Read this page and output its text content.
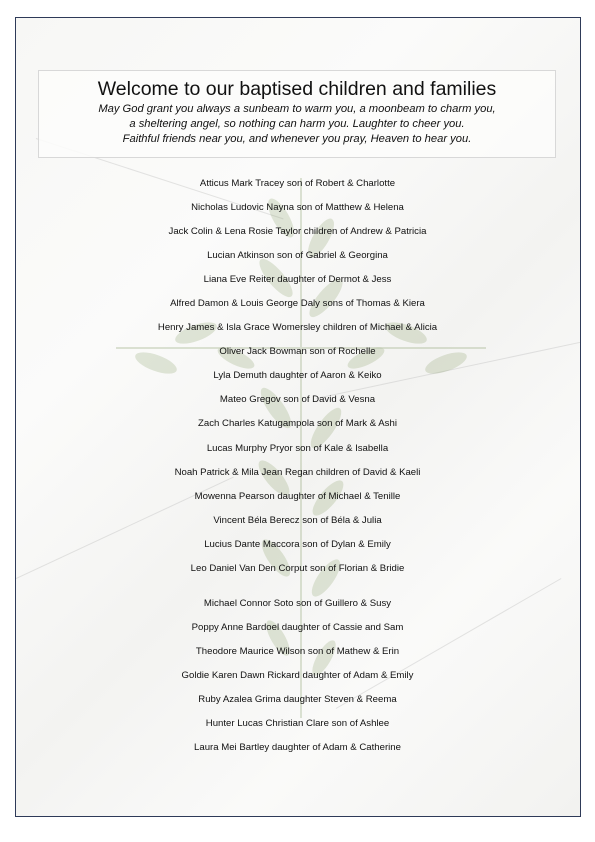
Welcome to our baptised children and families
May God grant you always a sunbeam to warm you, a moonbeam to charm you,
a sheltering angel, so nothing can harm you. Laughter to cheer you.
Faithful friends near you, and whenever you pray, Heaven to hear you.
Atticus Mark Tracey son of Robert & Charlotte
Nicholas Ludovic Nayna son of Matthew & Helena
Jack Colin & Lena Rosie Taylor children of Andrew & Patricia
Lucian Atkinson son of Gabriel & Georgina
Liana Eve Reiter daughter of Dermot & Jess
Alfred Damon & Louis George Daly sons of Thomas & Kiera
Henry James & Isla Grace Womersley children of Michael & Alicia
Oliver Jack Bowman son of Rochelle
Lyla Demuth daughter of Aaron & Keiko
Mateo Gregov son of David & Vesna
Zach Charles Katugampola son of Mark & Ashi
Lucas Murphy Pryor son of Kale & Isabella
Noah Patrick & Mila Jean Regan children of David & Kaeli
Mowenna Pearson daughter of Michael & Tenille
Vincent Béla Berecz son of Béla & Julia
Lucius Dante Maccora son of Dylan & Emily
Leo Daniel Van Den Corput son of Florian & Bridie
Michael Connor Soto son of Guillero & Susy
Poppy Anne Bardoel daughter of Cassie and Sam
Theodore Maurice Wilson son of Mathew & Erin
Goldie Karen Dawn Rickard daughter of Adam & Emily
Ruby Azalea Grima daughter Steven & Reema
Hunter Lucas Christian Clare son of Ashlee
Laura Mei Bartley daughter of Adam & Catherine
